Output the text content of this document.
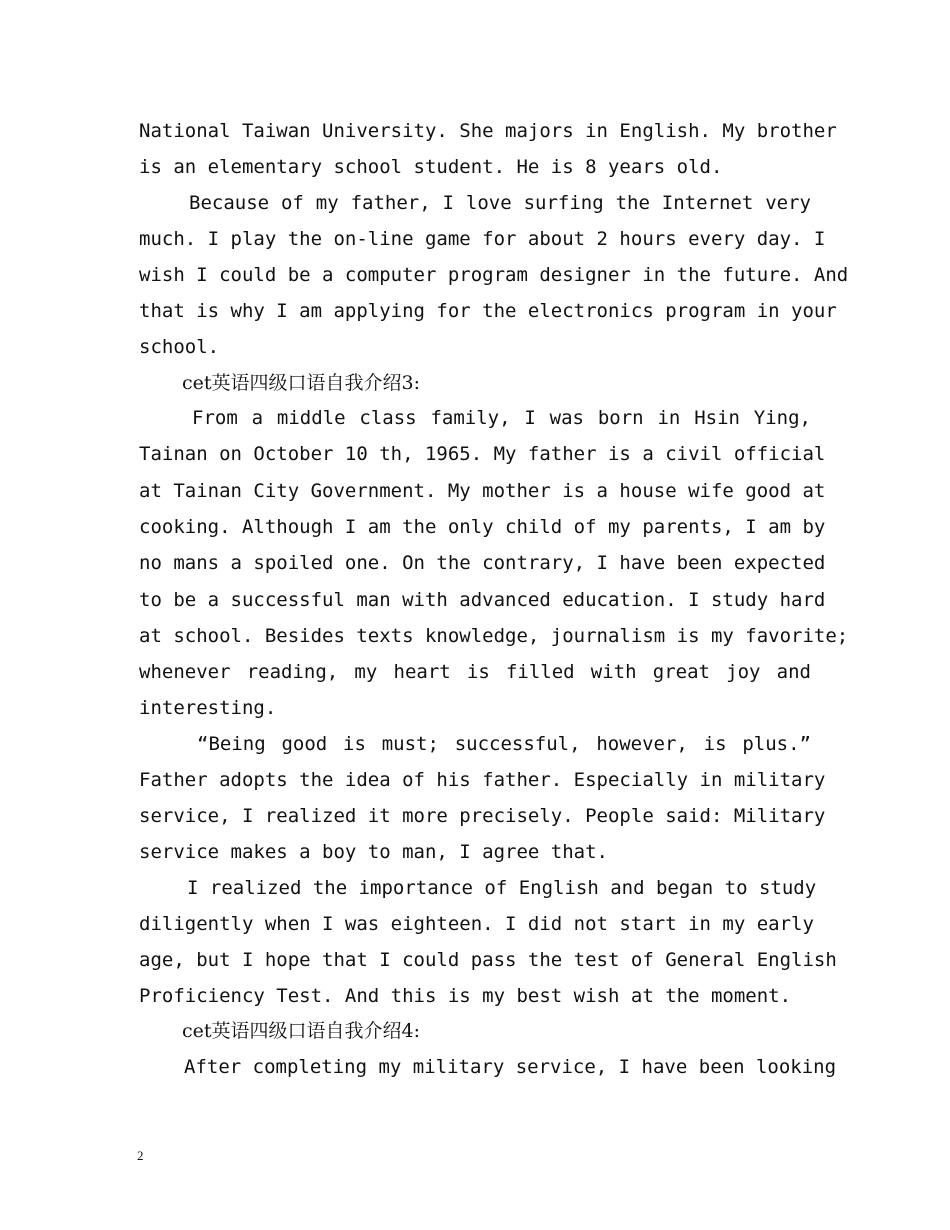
National Taiwan University. She majors in English. My brother
is an elementary school student. He is 8 years old.
Because of my father, I love surfing the Internet very
much. I play the on-line game for about 2 hours every day. I
wish I could be a computer program designer in the future. And
that is why I am applying for the electronics program in your
school.
cet英语四级口语自我介绍3:
From a middle class family, I was born in Hsin Ying,
Tainan on October 10 th, 1965. My father is a civil official
at Tainan City Government. My mother is a house wife good at
cooking. Although I am the only child of my parents, I am by
no mans a spoiled one. On the contrary, I have been expected
to be a successful man with advanced education. I study hard
at school. Besides texts knowledge, journalism is my favorite;
whenever reading, my heart is filled with great joy and
interesting.
“Being good is must; successful, however, is plus.”
Father adopts the idea of his father. Especially in military
service, I realized it more precisely. People said: Military
service makes a boy to man, I agree that.
I realized the importance of English and began to study
diligently when I was eighteen. I did not start in my early
age, but I hope that I could pass the test of General English
Proficiency Test. And this is my best wish at the moment.
cet英语四级口语自我介绍4:
After completing my military service, I have been looking
2
